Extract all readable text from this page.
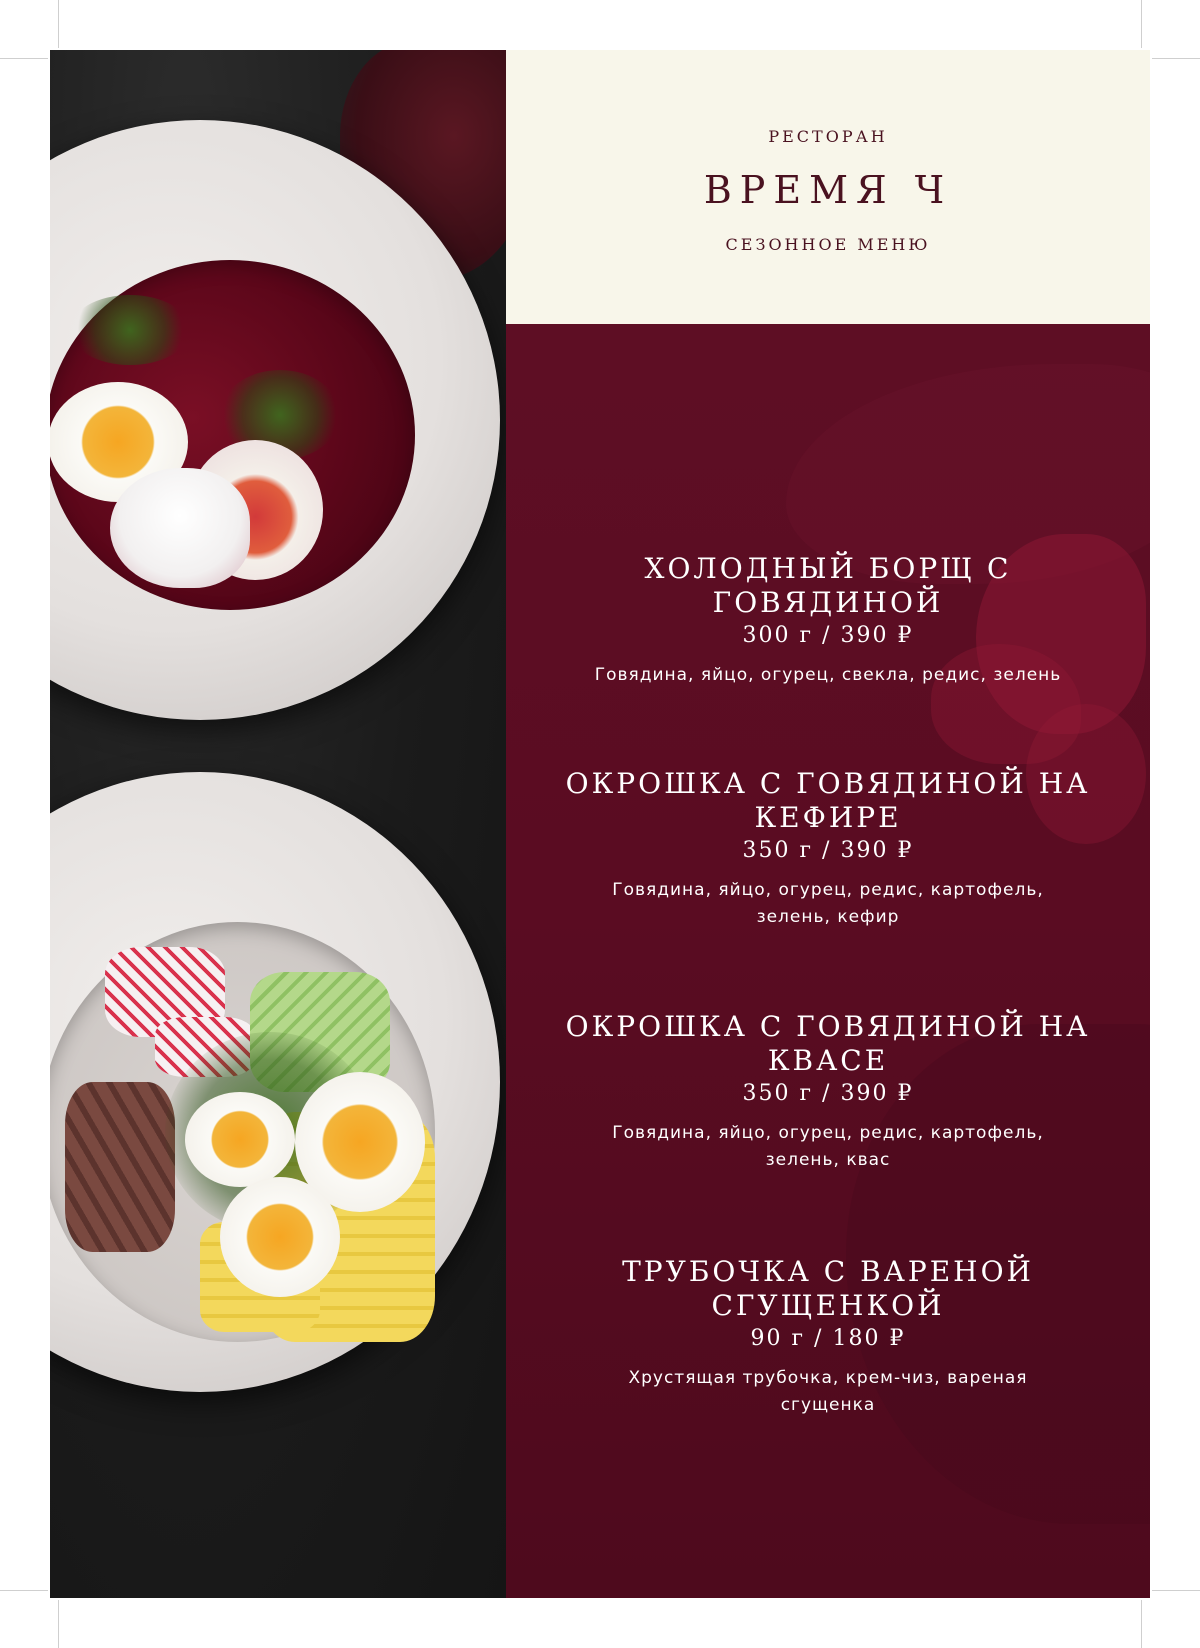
РЕСТОРАН
ВРЕМЯ Ч
СЕЗОННОЕ МЕНЮ
ХОЛОДНЫЙ БОРЩ С ГОВЯДИНОЙ
300 г / 390 ₽
Говядина, яйцо, огурец, свекла, редис, зелень
ОКРОШКА С ГОВЯДИНОЙ НА КЕФИРЕ
350 г / 390 ₽
Говядина, яйцо, огурец, редис, картофель, зелень, кефир
ОКРОШКА С ГОВЯДИНОЙ НА КВАСЕ
350 г / 390 ₽
Говядина, яйцо, огурец, редис, картофель, зелень, квас
ТРУБОЧКА С ВАРЕНОЙ СГУЩЕНКОЙ
90 г / 180 ₽
Хрустящая трубочка, крем-чиз, вареная сгущенка
